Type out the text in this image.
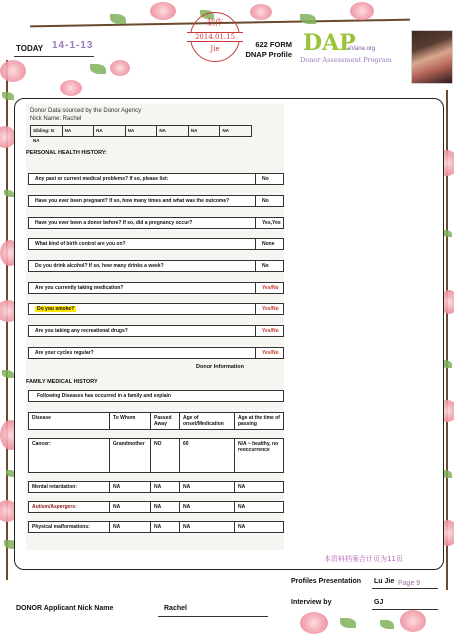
TODAY 14-1-13
制作
2014.01.15
Jie	622 FORM
DNAP Profile DAP
eVane.org
Donor Assessment Program
Donor Data sourced by the Donor Agency
Nick Name: Rachel
Sibling: N NA
NA	NA	NA	NA	NA	NA
PERSONAL HEALTH HISTORY:
Any past or current medical problems? If so, please list:	No
Have you ever been pregnant? If so, how many times and what was the outcome?	No
Have you ever been a donor before? If so, did a pregnancy occur?	Yes,Yes
What kind of birth control are you on?	None
Do you drink alcohol? If so, how many drinks a week?	No
Are you currently taking medication?	Yes/No
Do you smoke?	Yes/No
Are you taking any recreational drugs?	Yes/No
Are your cycles regular?	Yes/No
Donor Information
FAMILY MEDICAL HISTORY
Following Diseases has occurred in a family and explain
Disease	To Whom	Passed Away	Age of onset/Medication	Age at the time of passing

Cancer:	Grandmother	NO	60	N/A ~ healthy, no reoccurrence

Mental retardation:	NA	NA	NA	NA

Autism/Aspergers:	NA	NA	NA	NA

Physical malformations:	NA	NA	NA	NA
本资料档案合计页为11页
Page 9
Profiles Presentation Lu Jie
Interview by	GJ
DONOR Applicant Nick Name	Rachel
